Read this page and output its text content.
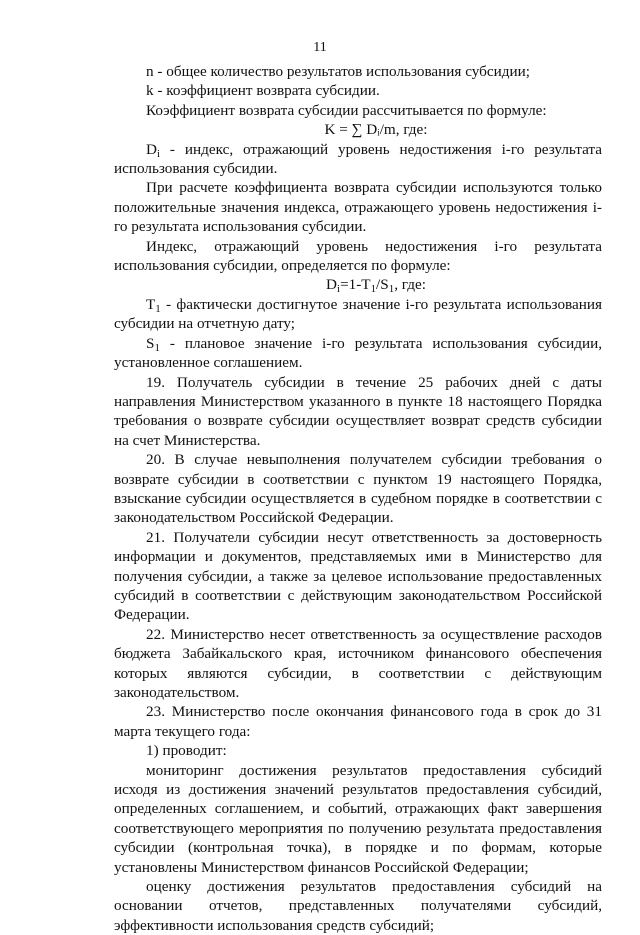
11

n - общее количество результатов использования субсидии;

k - коэффициент возврата субсидии.

Коэффициент возврата субсидии рассчитывается по формуле:

K = ∑ Dᵢ/m, где:

$D_i$ - индекс, отражающий уровень недостижения i-го результата использования субсидии.

При расчете коэффициента возврата субсидии используются только положительные значения индекса, отражающего уровень недостижения i-го результата использования субсидии.

Индекс, отражающий уровень недостижения i-го результата использования субсидии, определяется по формуле:

$D_i=1-T_1/S_1$, где:

$T_1$ - фактически достигнутое значение i-го результата использования субсидии на отчетную дату;

$S_1$ - плановое значение i-го результата использования субсидии, установленное соглашением.

19. Получатель субсидии в течение 25 рабочих дней с даты направления Министерством указанного в пункте 18 настоящего Порядка требования о возврате субсидии осуществляет возврат средств субсидии на счет Министерства.

20. В случае невыполнения получателем субсидии требования о возврате субсидии в соответствии с пунктом 19 настоящего Порядка, взыскание субсидии осуществляется в судебном порядке в соответствии с законодательством Российской Федерации.

21. Получатели субсидии несут ответственность за достоверность информации и документов, представляемых ими в Министерство для получения субсидии, а также за целевое использование предоставленных субсидий в соответствии с действующим законодательством Российской Федерации.

22. Министерство несет ответственность за осуществление расходов бюджета Забайкальского края, источником финансового обеспечения которых являются субсидии, в соответствии с действующим законодательством.

23. Министерство после окончания финансового года в срок до 31 марта текущего года:

1) проводит:

мониторинг достижения результатов предоставления субсидий исходя из достижения значений результатов предоставления субсидий, определенных соглашением, и событий, отражающих факт завершения соответствующего мероприятия по получению результата предоставления субсидии (контрольная точка), в порядке и по формам, которые установлены Министерством финансов Российской Федерации;

оценку достижения результатов предоставления субсидий на основании отчетов, представленных получателями субсидий, эффективности использования средств субсидий;
